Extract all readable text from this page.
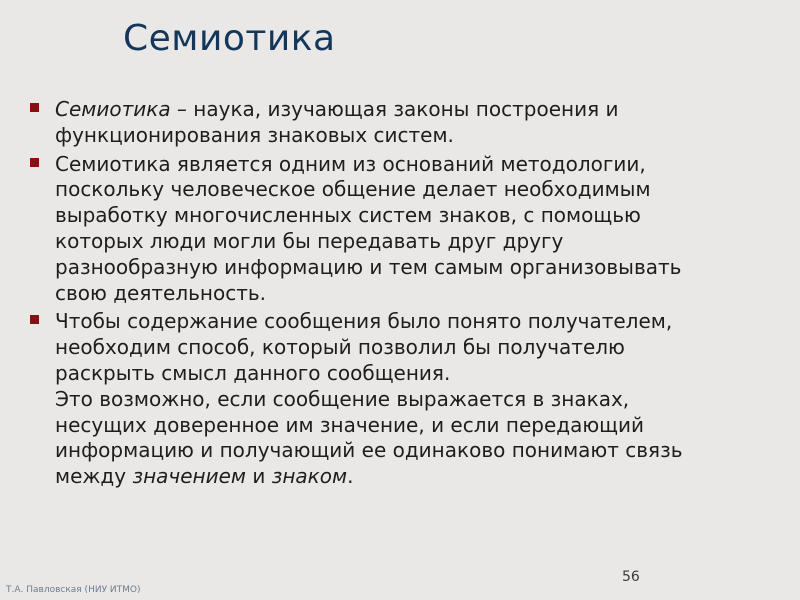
Семиотика
Семиотика – наука, изучающая законы построения и
функционирования знаковых систем.
Семиотика является одним из оснований методологии,
поскольку человеческое общение делает необходимым
выработку многочисленных систем знаков, с помощью
которых люди могли бы передавать друг другу
разнообразную информацию и тем самым организовывать
свою деятельность.
Чтобы содержание сообщения было понято получателем,
необходим способ, который позволил бы получателю
раскрыть смысл данного сообщения.
Это возможно, если сообщение выражается в знаках,
несущих доверенное им значение, и если передающий
информацию и получающий ее одинаково понимают связь
между значением и знаком.
56
Т.А. Павловская (НИУ ИТМО)
